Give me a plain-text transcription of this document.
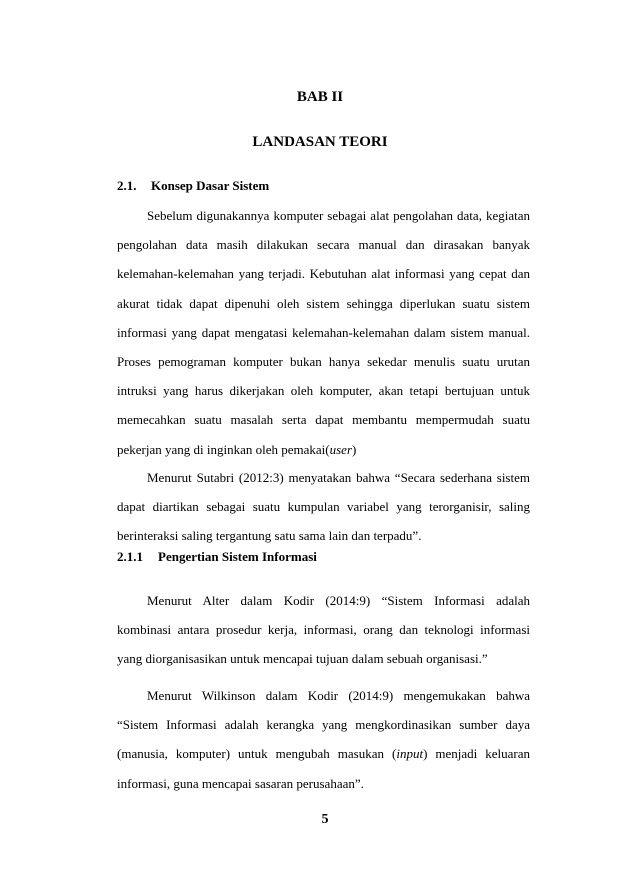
BAB II
LANDASAN TEORI
2.1. Konsep Dasar Sistem

Sebelum digunakannya komputer sebagai alat pengolahan data, kegiatan pengolahan data masih dilakukan secara manual dan dirasakan banyak kelemahan-kelemahan yang terjadi. Kebutuhan alat informasi yang cepat dan akurat tidak dapat dipenuhi oleh sistem sehingga diperlukan suatu sistem informasi yang dapat mengatasi kelemahan-kelemahan dalam sistem manual. Proses pemograman komputer bukan hanya sekedar menulis suatu urutan intruksi yang harus dikerjakan oleh komputer, akan tetapi bertujuan untuk memecahkan suatu masalah serta dapat membantu mempermudah suatu pekerjan yang di inginkan oleh pemakai(user)

Menurut Sutabri (2012:3) menyatakan bahwa “Secara sederhana sistem dapat diartikan sebagai suatu kumpulan variabel yang terorganisir, saling berinteraksi saling tergantung satu sama lain dan terpadu”.

2.1.1 Pengertian Sistem Informasi

Menurut Alter dalam Kodir (2014:9) “Sistem Informasi adalah kombinasi antara prosedur kerja, informasi, orang dan teknologi informasi yang diorganisasikan untuk mencapai tujuan dalam sebuah organisasi.”

Menurut Wilkinson dalam Kodir (2014:9) mengemukakan bahwa “Sistem Informasi adalah kerangka yang mengkordinasikan sumber daya (manusia, komputer) untuk mengubah masukan (input) menjadi keluaran informasi, guna mencapai sasaran perusahaan”.

5
